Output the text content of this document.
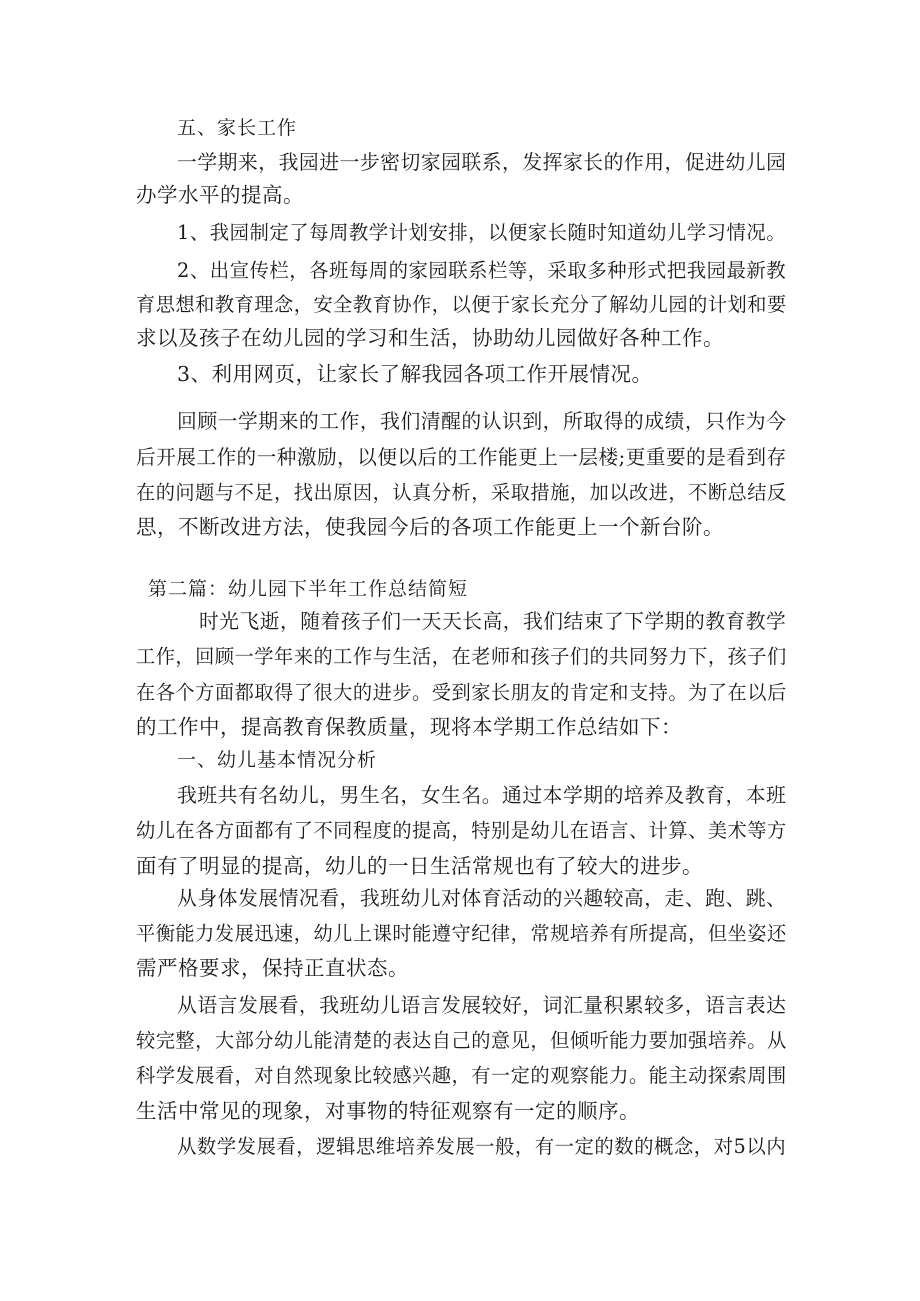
五、家长工作

一学期来，我园进一步密切家园联系，发挥家长的作用，促进幼儿园

办学水平的提高。

1、我园制定了每周教学计划安排，以便家长随时知道幼儿学习情况。

2、出宣传栏，各班每周的家园联系栏等，采取多种形式把我园最新教

育思想和教育理念，安全教育协作，以便于家长充分了解幼儿园的计划和要

求以及孩子在幼儿园的学习和生活，协助幼儿园做好各种工作。

3、利用网页，让家长了解我园各项工作开展情况。

回顾一学期来的工作，我们清醒的认识到，所取得的成绩，只作为今

后开展工作的一种激励，以便以后的工作能更上一层楼;更重要的是看到存

在的问题与不足，找出原因，认真分析，采取措施，加以改进，不断总结反

思，不断改进方法，使我园今后的各项工作能更上一个新台阶。

第二篇：幼儿园下半年工作总结简短

时光飞逝，随着孩子们一天天长高，我们结束了下学期的教育教学

工作，回顾一学年来的工作与生活，在老师和孩子们的共同努力下，孩子们

在各个方面都取得了很大的进步。受到家长朋友的肯定和支持。为了在以后

的工作中，提高教育保教质量，现将本学期工作总结如下：

一、幼儿基本情况分析

我班共有名幼儿，男生名，女生名。通过本学期的培养及教育，本班

幼儿在各方面都有了不同程度的提高，特别是幼儿在语言、计算、美术等方

面有了明显的提高，幼儿的一日生活常规也有了较大的进步。

从身体发展情况看，我班幼儿对体育活动的兴趣较高，走、跑、跳、

平衡能力发展迅速，幼儿上课时能遵守纪律，常规培养有所提高，但坐姿还

需严格要求，保持正直状态。

从语言发展看，我班幼儿语言发展较好，词汇量积累较多，语言表达

较完整，大部分幼儿能清楚的表达自己的意见，但倾听能力要加强培养。从

科学发展看，对自然现象比较感兴趣，有一定的观察能力。能主动探索周围

生活中常见的现象，对事物的特征观察有一定的顺序。

从数学发展看，逻辑思维培养发展一般，有一定的数的概念，对5以内
